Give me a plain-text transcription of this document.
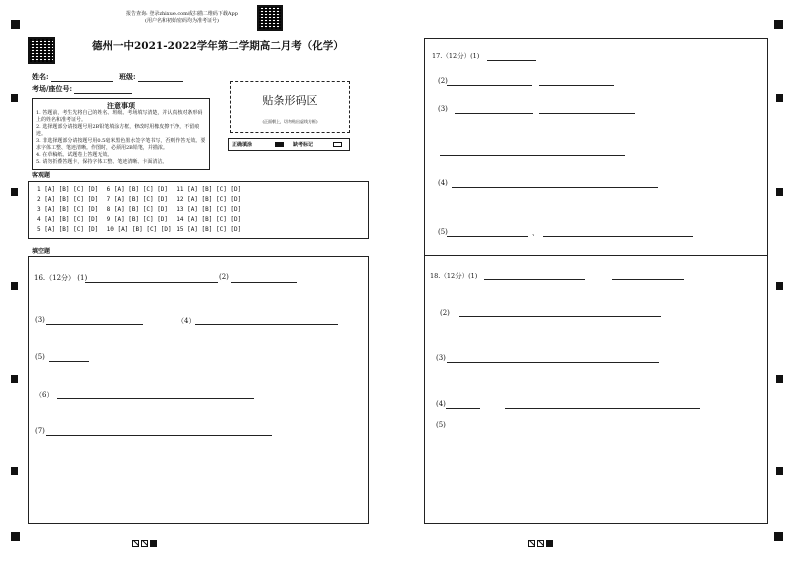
报告查询: 登录zhixue.com或扫描二维码下载App
(用户名和初始密码均为准考证号)
德州一中2021-2022学年第二学期高二月考（化学）
姓名:	班级:
考场/座位号:
注意事项
1. 答题前，考生先将自己的姓名、班级、考场填写清楚，并认真核对条形码上的姓名和准考证号。
2. 选择题部分请按题号用2B铅笔填涂方框，修改时用橡皮擦干净，不留痕迹。
3. 非选择题部分请按题号用0.5毫米黑色墨水签字笔书写，否则作答无效。要求字体工整、笔迹清晰。作图时，必须用2B铅笔，并描浓。
4. 在草稿纸、试题卷上答题无效。
5. 请勿折叠答题卡，保持字体工整、笔迹清晰、卡面清洁。
贴条形码区
(正面朝上，切勿贴出虚线方框)
正确填涂	缺考标记
客观题
1 [A] [B] [C] [D] 6 [A] [B] [C] [D] 11 [A] [B] [C] [D]
2 [A] [B] [C] [D] 7 [A] [B] [C] [D] 12 [A] [B] [C] [D]
3 [A] [B] [C] [D] 8 [A] [B] [C] [D] 13 [A] [B] [C] [D]
4 [A] [B] [C] [D] 9 [A] [B] [C] [D] 14 [A] [B] [C] [D]
5 [A] [B] [C] [D] 10 [A] [B] [C] [D] 15 [A] [B] [C] [D]
填空题
16.（12分） (1)	(2)
(3)	（4）
(5)
（6）
(7)
17.（12分）(1)
(2)
(3)
(4)
(5)	、
18.（12分）(1)
(2)
(3)
(4)
(5)
